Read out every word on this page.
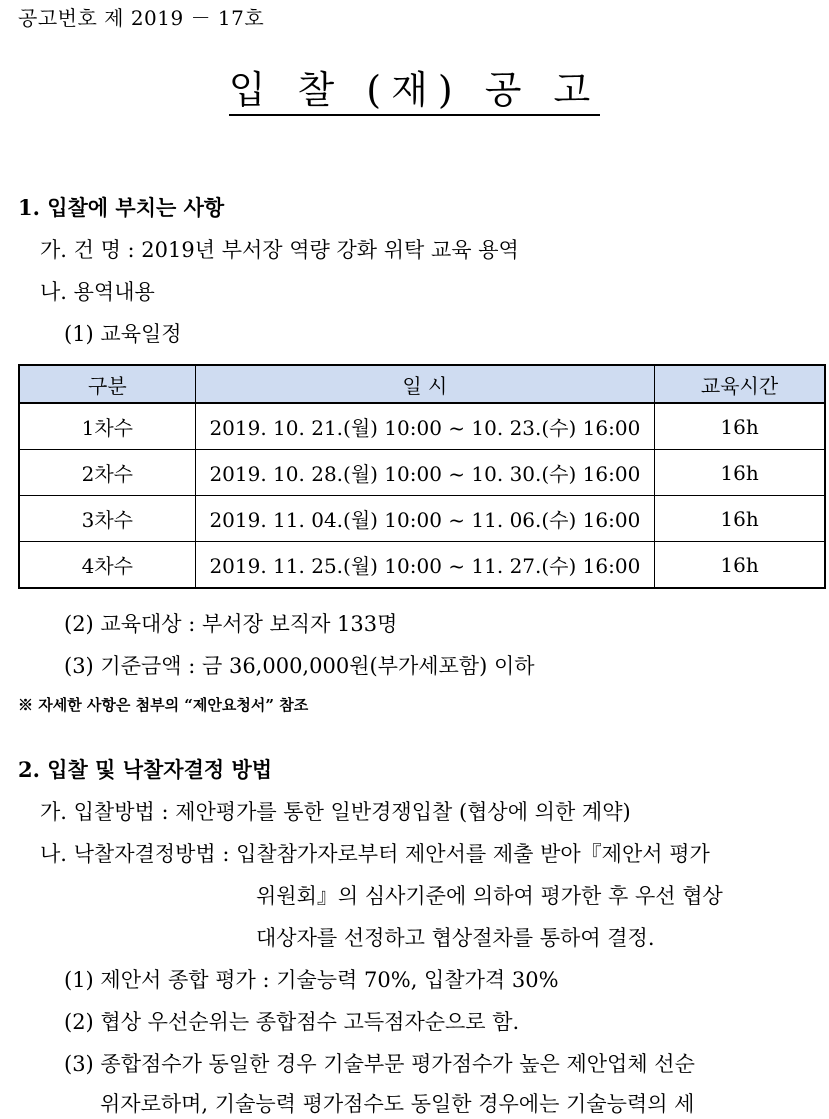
공고번호 제 2019 － 17호
입 찰 (재) 공 고
1. 입찰에 부치는 사항
가. 건 명 : 2019년 부서장 역량 강화 위탁 교육 용역
나. 용역내용
(1) 교육일정
구분	일 시	교육시간
1차수	2019. 10. 21.(월) 10:00 ~ 10. 23.(수) 16:00	16h
2차수	2019. 10. 28.(월) 10:00 ~ 10. 30.(수) 16:00	16h
3차수	2019. 11. 04.(월) 10:00 ~ 11. 06.(수) 16:00	16h
4차수	2019. 11. 25.(월) 10:00 ~ 11. 27.(수) 16:00	16h
(2) 교육대상 : 부서장 보직자 133명
(3) 기준금액 : 금 36,000,000원(부가세포함) 이하
※ 자세한 사항은 첨부의 “제안요청서” 참조
2. 입찰 및 낙찰자결정 방법
가. 입찰방법 : 제안평가를 통한 일반경쟁입찰 (협상에 의한 계약)
나. 낙찰자결정방법 : 입찰참가자로부터 제안서를 제출 받아『제안서 평가
위원회』의 심사기준에 의하여 평가한 후 우선 협상
대상자를 선정하고 협상절차를 통하여 결정.
(1) 제안서 종합 평가 : 기술능력 70%, 입찰가격 30%
(2) 협상 우선순위는 종합점수 고득점자순으로 함.
(3) 종합점수가 동일한 경우 기술부문 평가점수가 높은 제안업체 선순
위자로하며, 기술능력 평가점수도 동일한 경우에는 기술능력의 세
